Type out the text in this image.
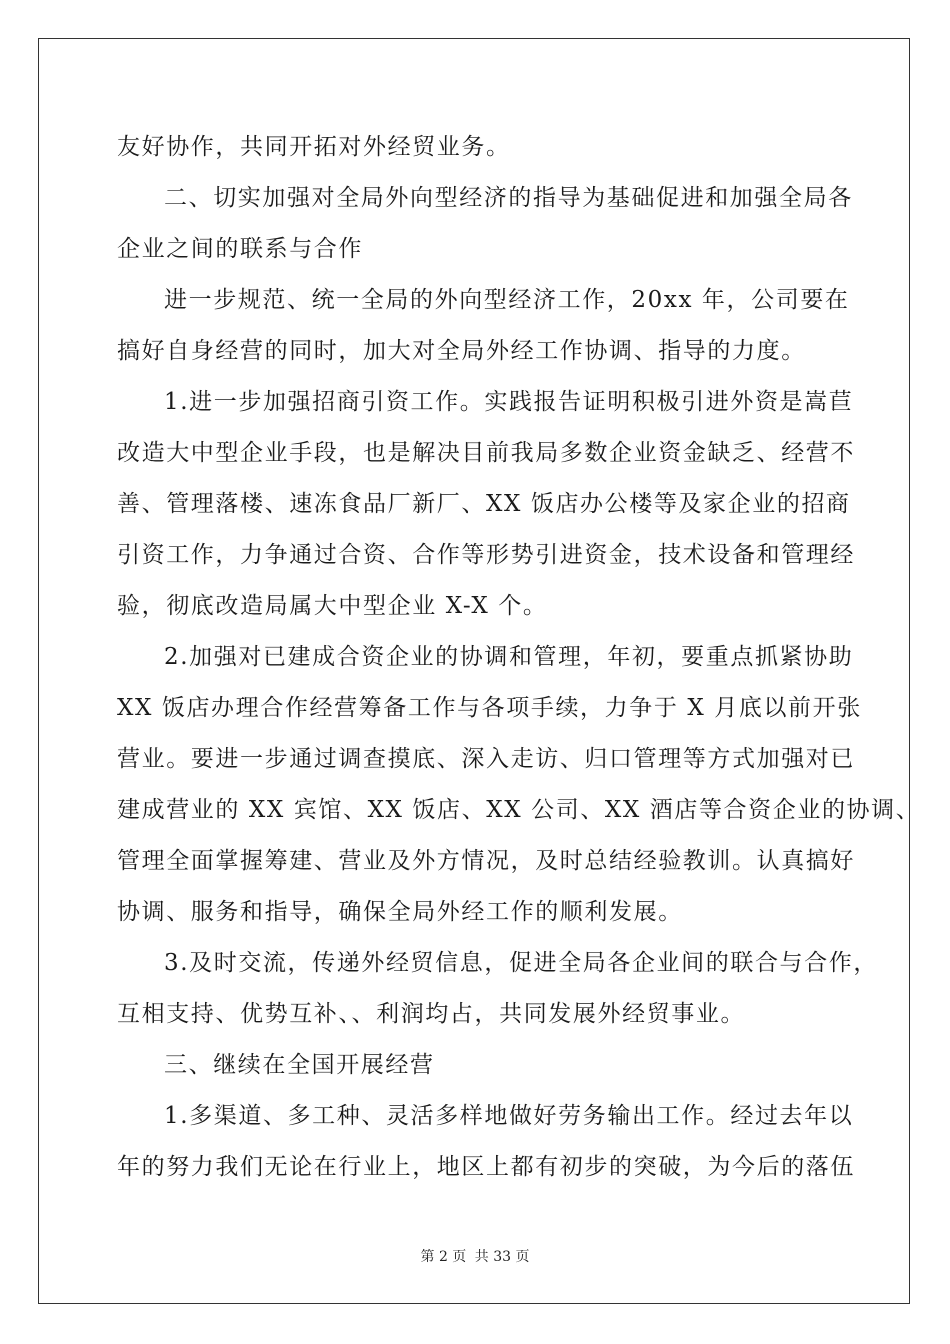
友好协作，共同开拓对外经贸业务。
二、切实加强对全局外向型经济的指导为基础促进和加强全局各
企业之间的联系与合作
进一步规范、统一全局的外向型经济工作，20xx 年，公司要在
搞好自身经营的同时，加大对全局外经工作协调、指导的力度。
1.进一步加强招商引资工作。实践报告证明积极引进外资是嵩苣
改造大中型企业手段，也是解决目前我局多数企业资金缺乏、经营不
善、管理落楼、速冻食品厂新厂、XX 饭店办公楼等及家企业的招商
引资工作，力争通过合资、合作等形势引进资金，技术设备和管理经
验，彻底改造局属大中型企业 X-X 个。
2.加强对已建成合资企业的协调和管理，年初，要重点抓紧协助
XX 饭店办理合作经营筹备工作与各项手续，力争于 X 月底以前开张
营业。要进一步通过调查摸底、深入走访、归口管理等方式加强对已
建成营业的 XX 宾馆、XX 饭店、XX 公司、XX 酒店等合资企业的协调、
管理全面掌握筹建、营业及外方情况，及时总结经验教训。认真搞好
协调、服务和指导，确保全局外经工作的顺利发展。
3.及时交流，传递外经贸信息，促进全局各企业间的联合与合作，
互相支持、优势互补、、利润均占，共同发展外经贸事业。
三、继续在全国开展经营
1.多渠道、多工种、灵活多样地做好劳务输出工作。经过去年以
年的努力我们无论在行业上，地区上都有初步的突破，为今后的落伍
第 2 页 共 33 页
